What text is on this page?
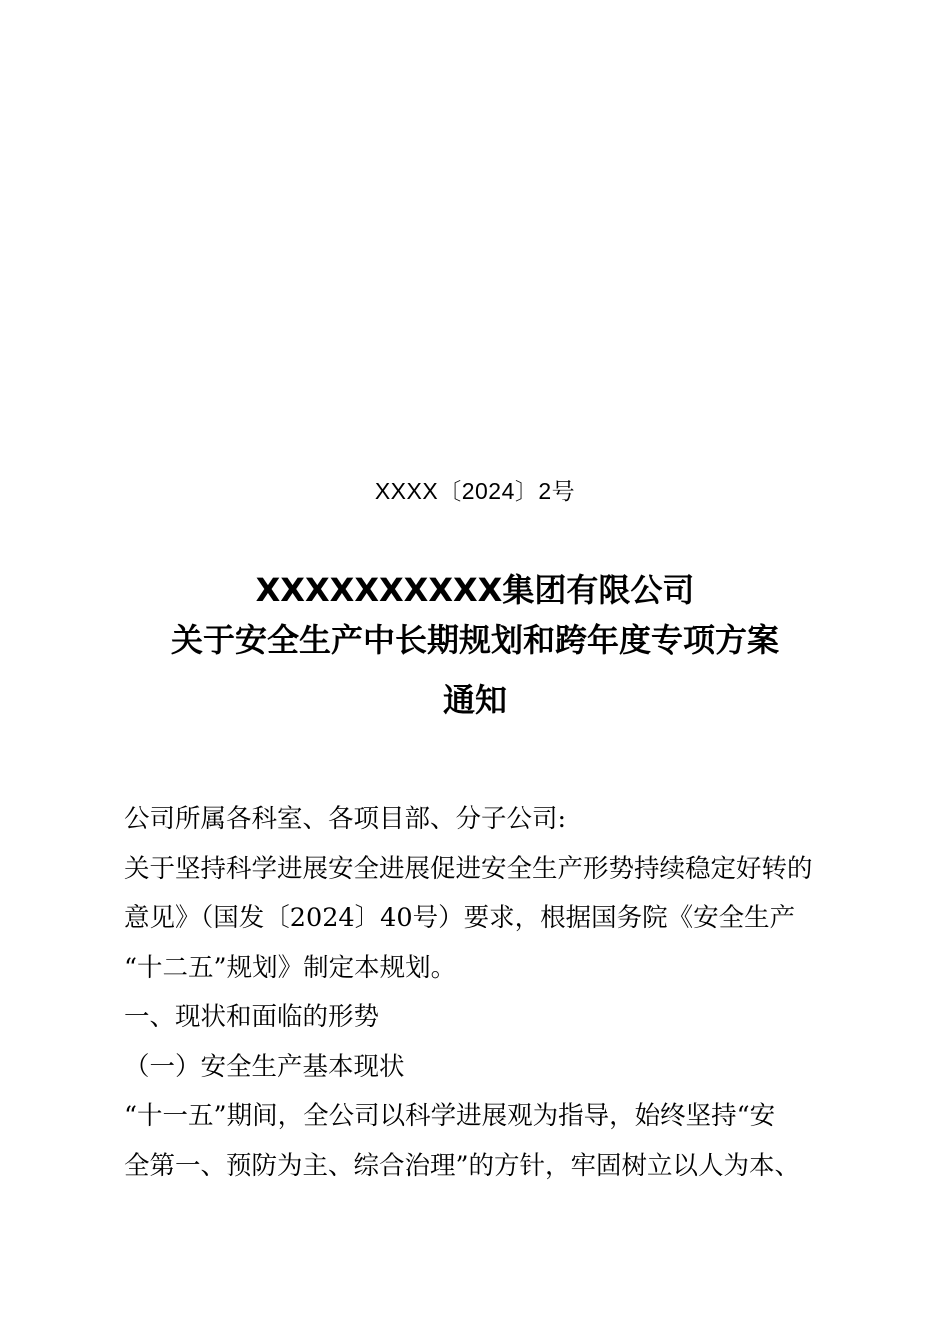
XXXX〔2024〕2号
XXXXXXXXXX集团有限公司
关于安全生产中长期规划和跨年度专项方案
通知
公司所属各科室、各项目部、分子公司:
关于坚持科学进展安全进展促进安全生产形势持续稳定好转的
意见》（国发〔2024〕40号）要求，根据国务院《安全生产
“十二五”规划》制定本规划。
一、现状和面临的形势
（一）安全生产基本现状
“十一五”期间，全公司以科学进展观为指导，始终坚持“安
全第一、预防为主、综合治理”的方针，牢固树立以人为本、
